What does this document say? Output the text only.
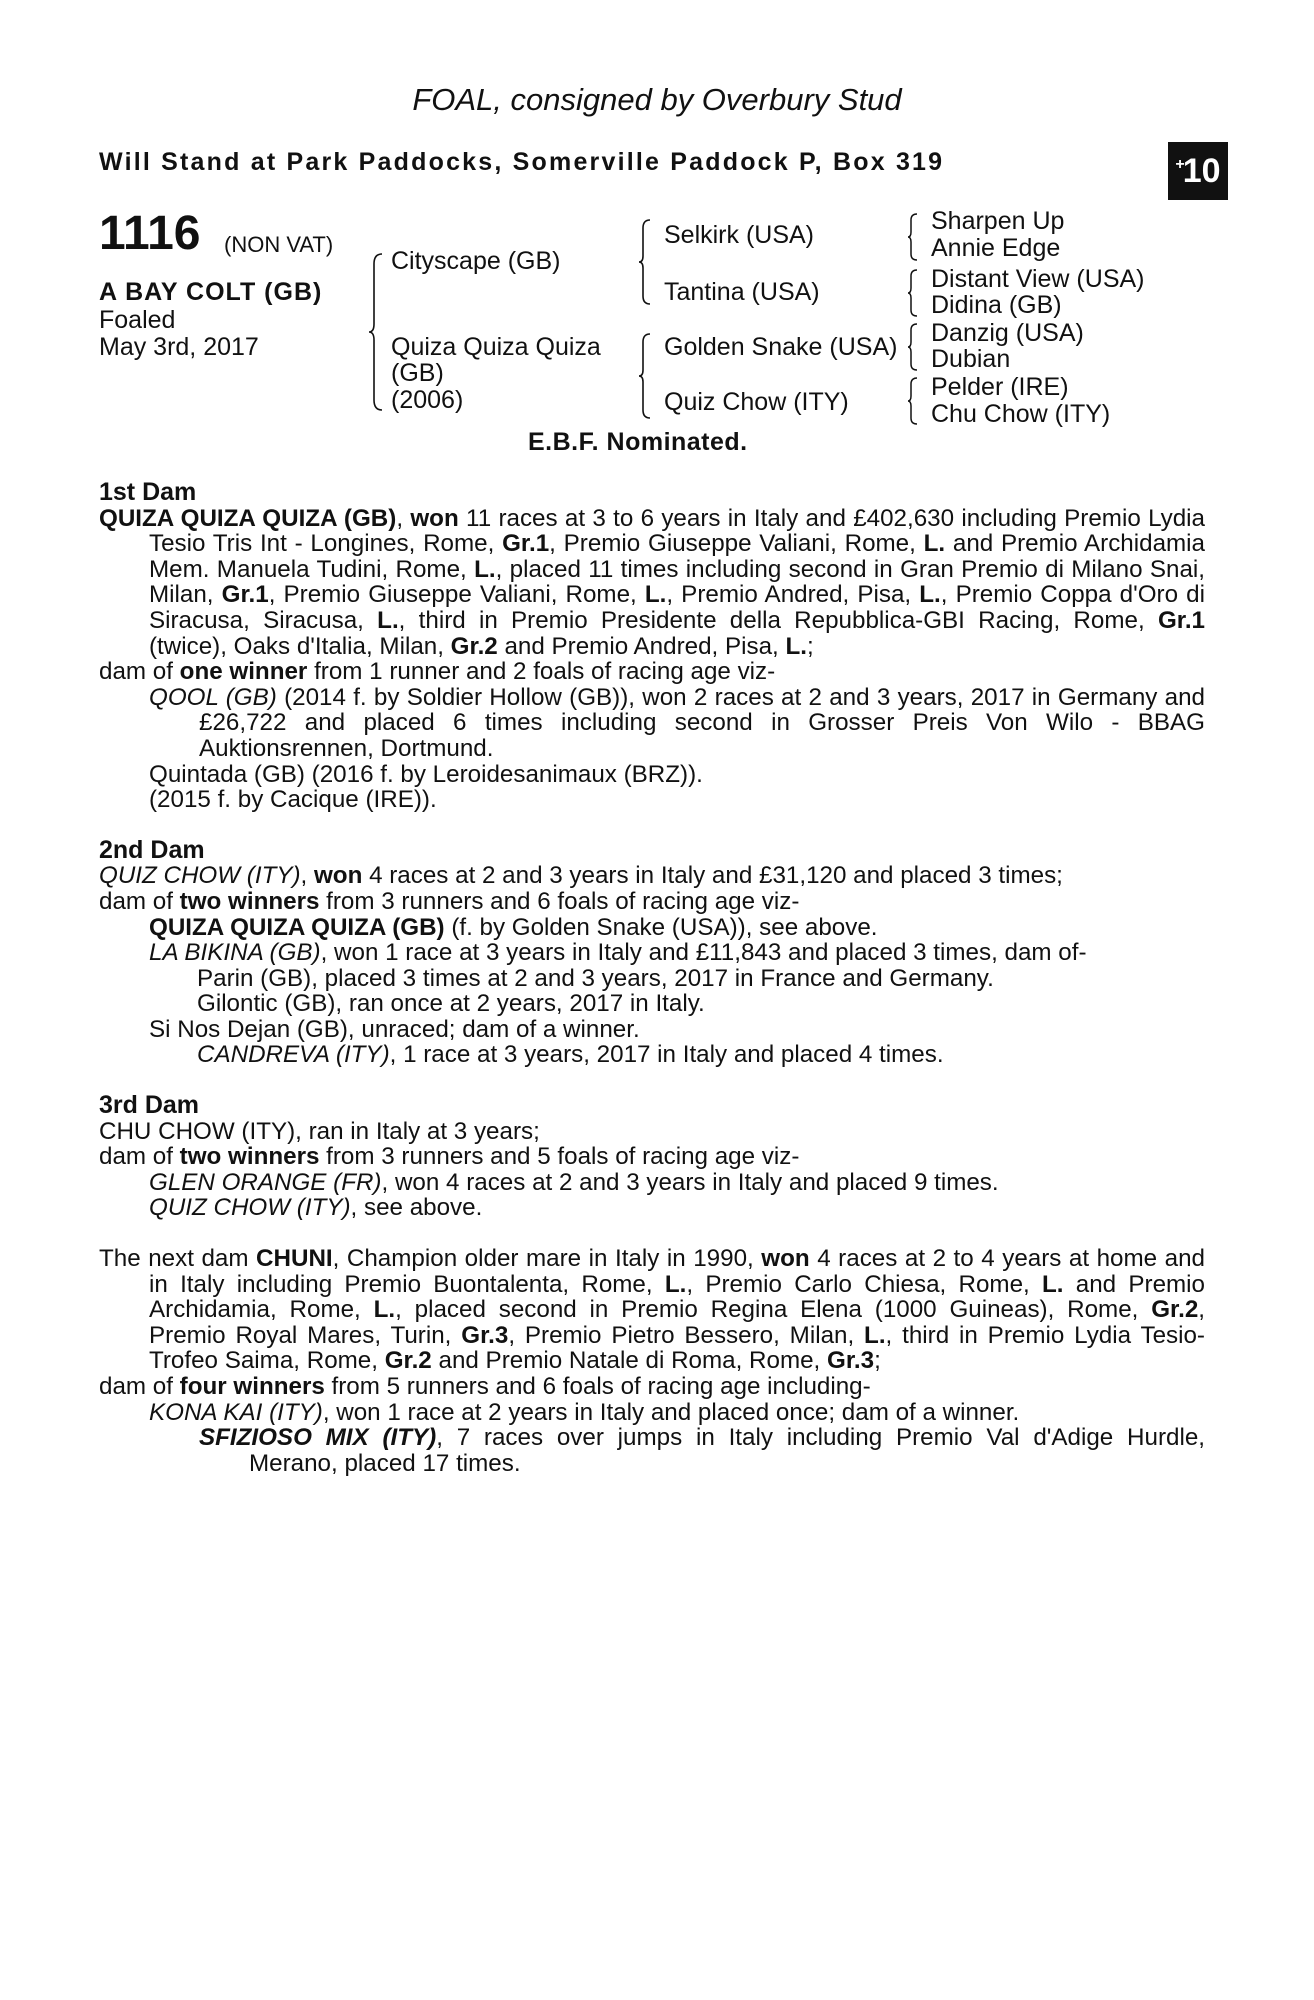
FOAL, consigned by Overbury Stud
Will Stand at Park Paddocks, Somerville Paddock P, Box 319	+
10
1116 (NON VAT)
A BAY COLT (GB)
Foaled
May 3rd, 2017
Cityscape (GB)
Quiza Quiza Quiza
(GB)
(2006)
Selkirk (USA)
Tantina (USA)
Golden Snake (USA)
Quiz Chow (ITY)
Sharpen Up
Annie Edge
Distant View (USA)
Didina (GB)
Danzig (USA)
Dubian
Pelder (IRE)
Chu Chow (ITY)
E.B.F. Nominated.
1st Dam
QUIZA QUIZA QUIZA (GB), won 11 races at 3 to 6 years in Italy and £402,630 including Premio Lydia Tesio Tris Int - Longines, Rome, Gr.1, Premio Giuseppe Valiani, Rome, L. and Premio Archidamia Mem. Manuela Tudini, Rome, L., placed 11 times including second in Gran Premio di Milano Snai, Milan, Gr.1, Premio Giuseppe Valiani, Rome, L., Premio Andred, Pisa, L., Premio Coppa d'Oro di Siracusa, Siracusa, L., third in Premio Presidente della Repubblica-GBI Racing, Rome, Gr.1 (twice), Oaks d'Italia, Milan, Gr.2 and Premio Andred, Pisa, L.;
dam of one winner from 1 runner and 2 foals of racing age viz-
QOOL (GB) (2014 f. by Soldier Hollow (GB)), won 2 races at 2 and 3 years, 2017 in Germany and £26,722 and placed 6 times including second in Grosser Preis Von Wilo - BBAG Auktionsrennen, Dortmund.
Quintada (GB) (2016 f. by Leroidesanimaux (BRZ)).
(2015 f. by Cacique (IRE)).
2nd Dam
QUIZ CHOW (ITY), won 4 races at 2 and 3 years in Italy and £31,120 and placed 3 times;
dam of two winners from 3 runners and 6 foals of racing age viz-
QUIZA QUIZA QUIZA (GB) (f. by Golden Snake (USA)), see above.
LA BIKINA (GB), won 1 race at 3 years in Italy and £11,843 and placed 3 times, dam of-
Parin (GB), placed 3 times at 2 and 3 years, 2017 in France and Germany.
Gilontic (GB), ran once at 2 years, 2017 in Italy.
Si Nos Dejan (GB), unraced; dam of a winner.
CANDREVA (ITY), 1 race at 3 years, 2017 in Italy and placed 4 times.
3rd Dam
CHU CHOW (ITY), ran in Italy at 3 years;
dam of two winners from 3 runners and 5 foals of racing age viz-
GLEN ORANGE (FR), won 4 races at 2 and 3 years in Italy and placed 9 times.
QUIZ CHOW (ITY), see above.
The next dam CHUNI, Champion older mare in Italy in 1990, won 4 races at 2 to 4 years at home and in Italy including Premio Buontalenta, Rome, L., Premio Carlo Chiesa, Rome, L. and Premio Archidamia, Rome, L., placed second in Premio Regina Elena (1000 Guineas), Rome, Gr.2, Premio Royal Mares, Turin, Gr.3, Premio Pietro Bessero, Milan, L., third in Premio Lydia Tesio-Trofeo Saima, Rome, Gr.2 and Premio Natale di Roma, Rome, Gr.3;
dam of four winners from 5 runners and 6 foals of racing age including-
KONA KAI (ITY), won 1 race at 2 years in Italy and placed once; dam of a winner.
SFIZIOSO MIX (ITY), 7 races over jumps in Italy including Premio Val d'Adige Hurdle, Merano, placed 17 times.
